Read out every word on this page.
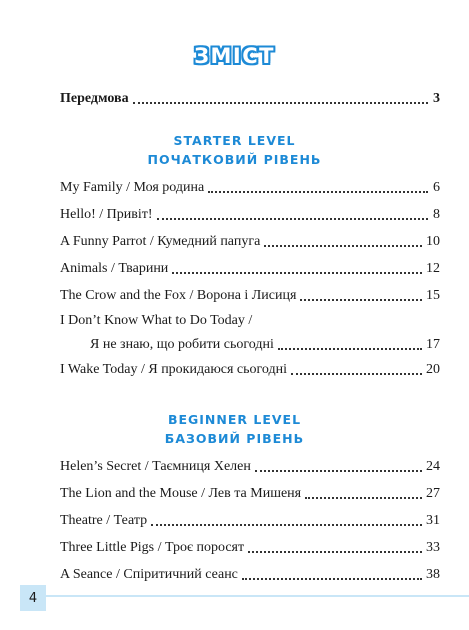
ЗМІСТ
Передмова	3
STARTER LEVEL
ПОЧАТКОВИЙ РІВЕНЬ
My Family / Моя родина	6
Hello! / Привіт!	8
A Funny Parrot / Кумедний папуга	10
Animals / Тварини	12
The Crow and the Fox / Ворона і Лисиця	15
I Don’t Know What to Do Today /
Я не знаю, що робити сьогодні	17
I Wake Today / Я прокидаюся сьогодні	20
BEGINNER LEVEL
БАЗОВИЙ РІВЕНЬ
Helen’s Secret / Таємниця Хелен	24
The Lion and the Mouse / Лев та Мишеня	27
Theatre / Театр	31
Three Little Pigs / Троє поросят	33
A Seance / Спіритичний сеанс	38
4
